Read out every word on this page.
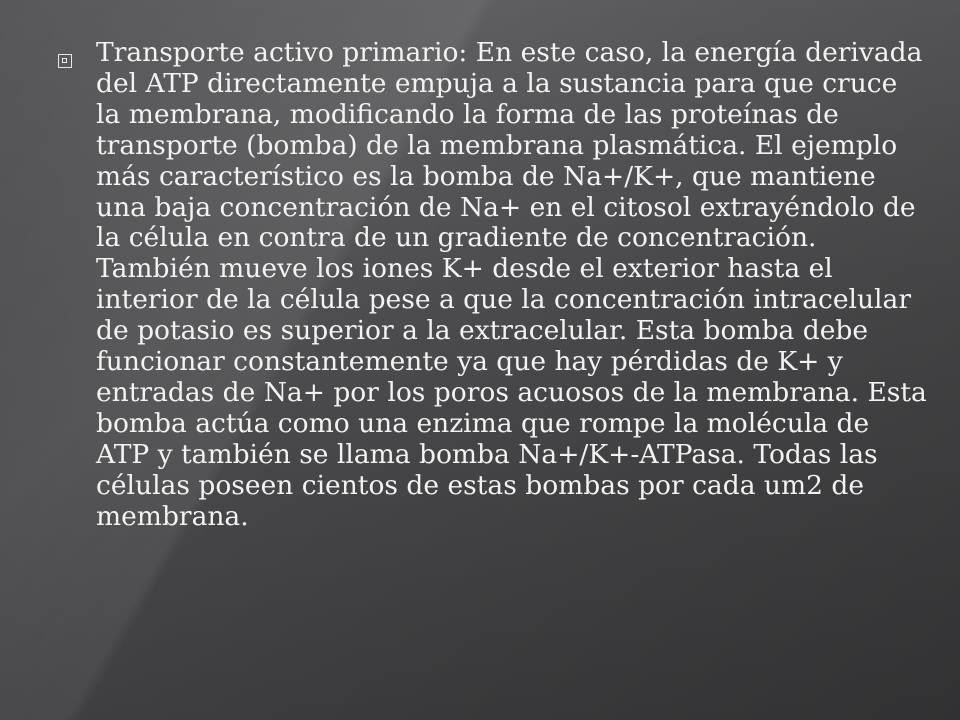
Transporte activo primario: En este caso, la energía derivada del ATP directamente empuja a la sustancia para que cruce la membrana, modificando la forma de las proteínas de transporte (bomba) de la membrana plasmática. El ejemplo más característico es la bomba de Na+/K+, que mantiene una baja concentración de Na+ en el citosol extrayéndolo de la célula en contra de un gradiente de concentración. También mueve los iones K+ desde el exterior hasta el interior de la célula pese a que la concentración intracelular de potasio es superior a la extracelular. Esta bomba debe funcionar constantemente ya que hay pérdidas de K+ y entradas de Na+ por los poros acuosos de la membrana. Esta bomba actúa como una enzima que rompe la molécula de ATP y también se llama bomba Na+/K+-ATPasa. Todas las células poseen cientos de estas bombas por cada um2 de membrana.
